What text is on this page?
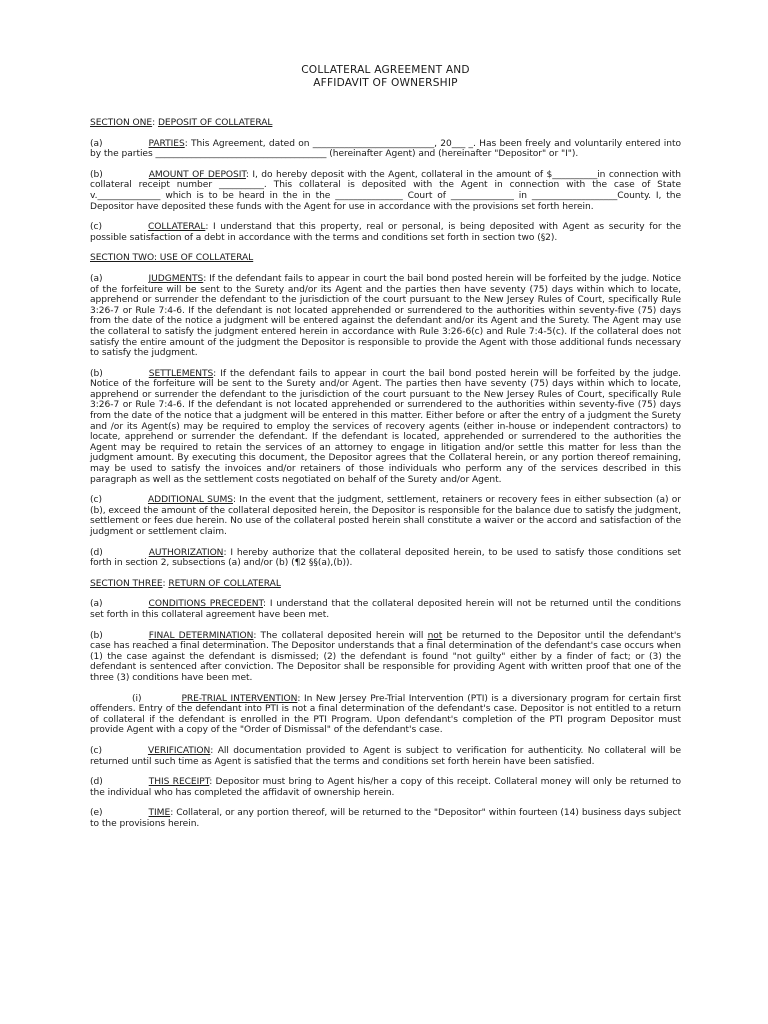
COLLATERAL AGREEMENT AND
AFFIDAVIT OF OWNERSHIP
SECTION ONE: DEPOSIT OF COLLATERAL

(a)	PARTIES: This Agreement, dated on ___________________________, 20___ _. Has been freely and voluntarily entered into by the parties ______________________________________ (hereinafter Agent) and (hereinafter "Depositor" or "I").

(b)	AMOUNT OF DEPOSIT: I, do hereby deposit with the Agent, collateral in the amount of $__________in connection with collateral receipt number __________. This collateral is deposited with the Agent in connection with the case of State v.______________ which is to be heard in the in the _______________ Court of ______________ in ___________________County. I, the Depositor have deposited these funds with the Agent for use in accordance with the provisions set forth herein.

(c)	COLLATERAL: I understand that this property, real or personal, is being deposited with Agent as security for the possible satisfaction of a debt in accordance with the terms and conditions set forth in section two (§2).

SECTION TWO: USE OF COLLATERAL

(a)	JUDGMENTS: If the defendant fails to appear in court the bail bond posted herein will be forfeited by the judge. Notice of the forfeiture will be sent to the Surety and/or its Agent and the parties then have seventy (75) days within which to locate, apprehend or surrender the defendant to the jurisdiction of the court pursuant to the New Jersey Rules of Court, specifically Rule 3:26-7 or Rule 7:4-6. If the defendant is not located apprehended or surrendered to the authorities within seventy-five (75) days from the date of the notice a judgment will be entered against the defendant and/or its Agent and the Surety. The Agent may use the collateral to satisfy the judgment entered herein in accordance with Rule 3:26-6(c) and Rule 7:4-5(c). If the collateral does not satisfy the entire amount of the judgment the Depositor is responsible to provide the Agent with those additional funds necessary to satisfy the judgment.

(b)	SETTLEMENTS: If the defendant fails to appear in court the bail bond posted herein will be forfeited by the judge. Notice of the forfeiture will be sent to the Surety and/or Agent. The parties then have seventy (75) days within which to locate, apprehend or surrender the defendant to the jurisdiction of the court pursuant to the New Jersey Rules of Court, specifically Rule 3:26-7 or Rule 7:4-6. If the defendant is not located apprehended or surrendered to the authorities within seventy-five (75) days from the date of the notice that a judgment will be entered in this matter. Either before or after the entry of a judgment the Surety and /or its Agent(s) may be required to employ the services of recovery agents (either in-house or independent contractors) to locate, apprehend or surrender the defendant. If the defendant is located, apprehended or surrendered to the authorities the Agent may be required to retain the services of an attorney to engage in litigation and/or settle this matter for less than the judgment amount. By executing this document, the Depositor agrees that the Collateral herein, or any portion thereof remaining, may be used to satisfy the invoices and/or retainers of those individuals who perform any of the services described in this paragraph as well as the settlement costs negotiated on behalf of the Surety and/or Agent.

(c)	ADDITIONAL SUMS: In the event that the judgment, settlement, retainers or recovery fees in either subsection (a) or (b), exceed the amount of the collateral deposited herein, the Depositor is responsible for the balance due to satisfy the judgment, settlement or fees due herein. No use of the collateral posted herein shall constitute a waiver or the accord and satisfaction of the judgment or settlement claim.

(d)	AUTHORIZATION: I hereby authorize that the collateral deposited herein, to be used to satisfy those conditions set forth in section 2, subsections (a) and/or (b) (¶2 §§(a),(b)).

SECTION THREE: RETURN OF COLLATERAL

(a)	CONDITIONS PRECEDENT: I understand that the collateral deposited herein will not be returned until the conditions set forth in this collateral agreement have been met.

(b)	FINAL DETERMINATION: The collateral deposited herein will not be returned to the Depositor until the defendant's case has reached a final determination. The Depositor understands that a final determination of the defendant's case occurs when (1) the case against the defendant is dismissed; (2) the defendant is found "not guilty" either by a finder of fact; or (3) the defendant is sentenced after conviction. The Depositor shall be responsible for providing Agent with written proof that one of the three (3) conditions have been met.

(i)	PRE-TRIAL INTERVENTION: In New Jersey Pre-Trial Intervention (PTI) is a diversionary program for certain first offenders. Entry of the defendant into PTI is not a final determination of the defendant's case. Depositor is not entitled to a return of collateral if the defendant is enrolled in the PTI Program. Upon defendant's completion of the PTI program Depositor must provide Agent with a copy of the "Order of Dismissal" of the defendant's case.

(c)	VERIFICATION: All documentation provided to Agent is subject to verification for authenticity. No collateral will be returned until such time as Agent is satisfied that the terms and conditions set forth herein have been satisfied.

(d)	THIS RECEIPT: Depositor must bring to Agent his/her a copy of this receipt. Collateral money will only be returned to the individual who has completed the affidavit of ownership herein.

(e)	TIME: Collateral, or any portion thereof, will be returned to the "Depositor" within fourteen (14) business days subject to the provisions herein.
